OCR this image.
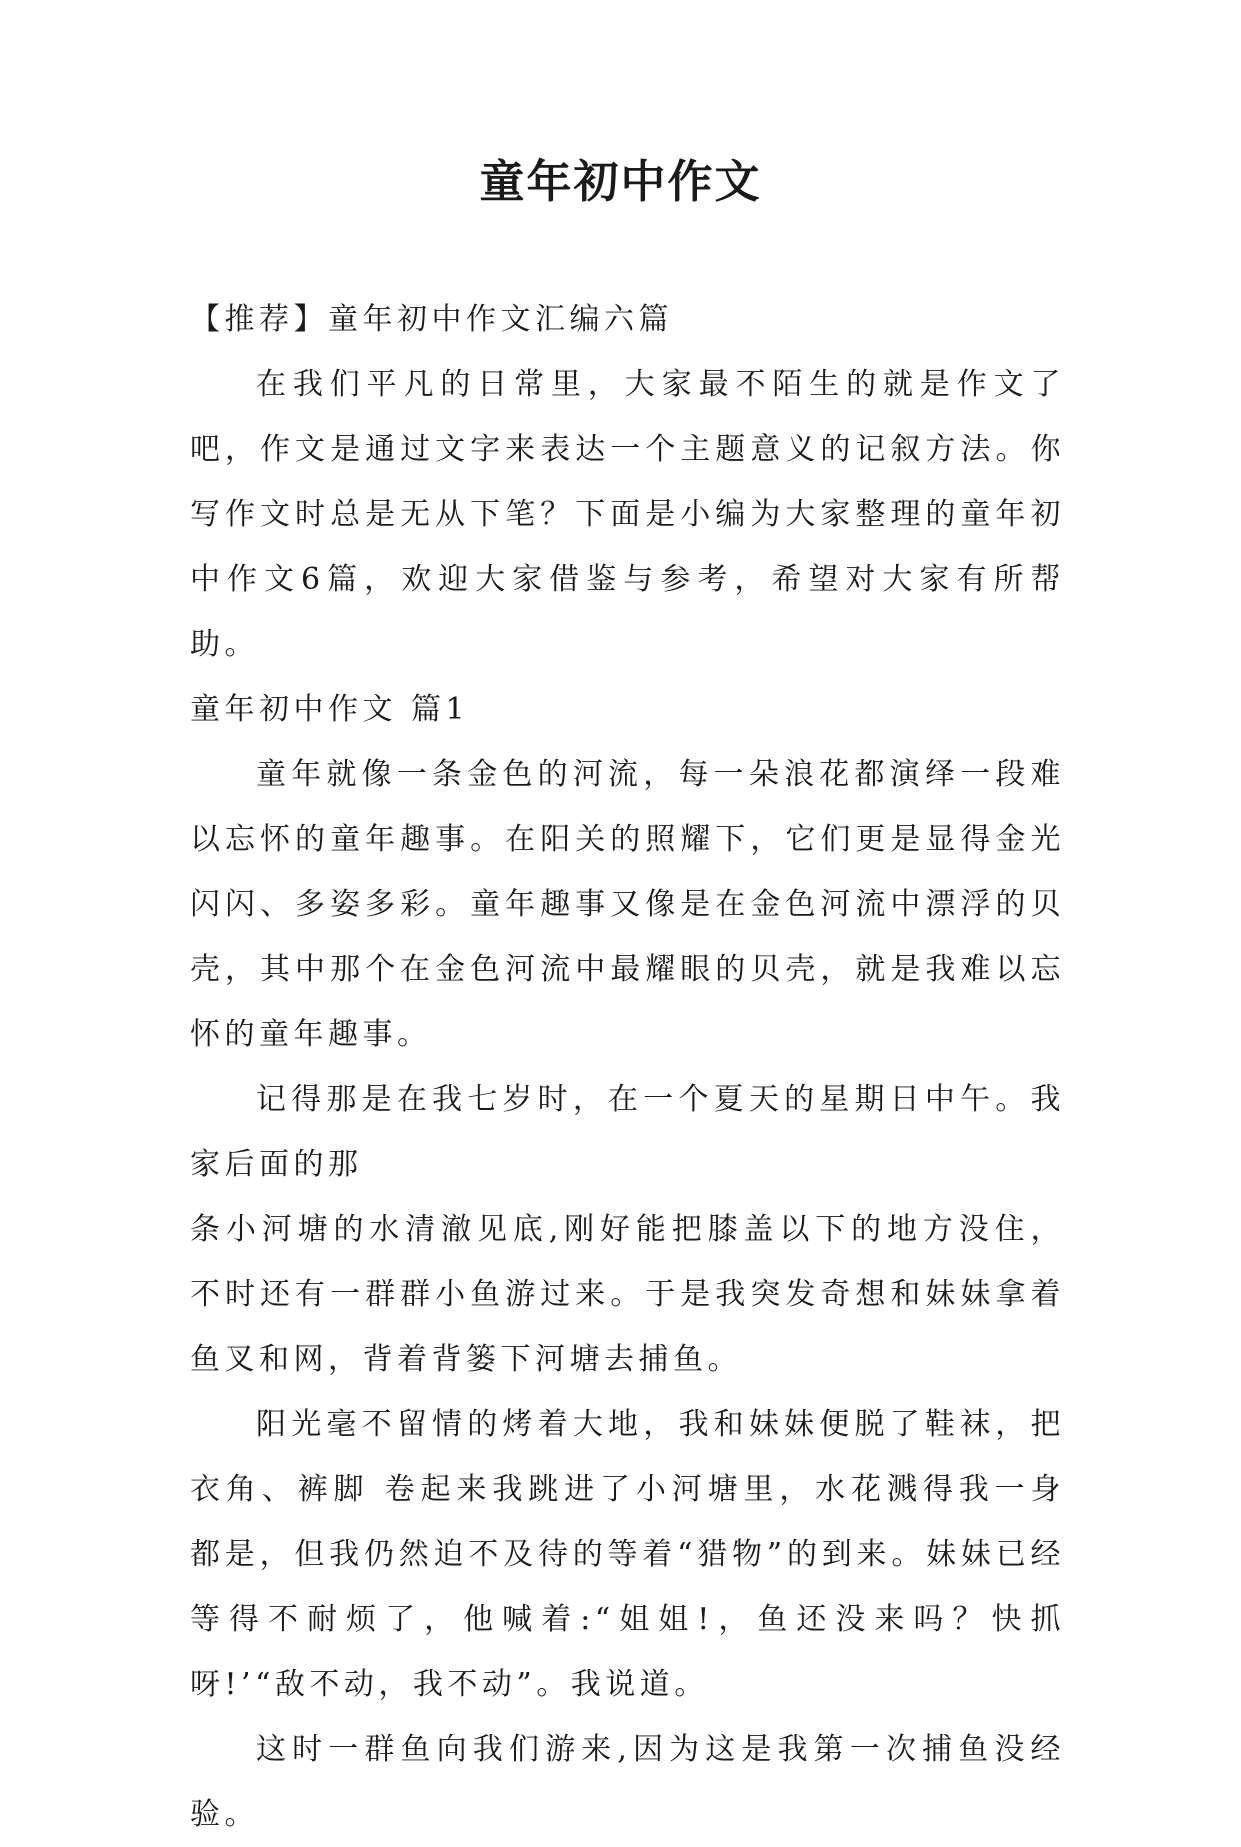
童年初中作文

【推荐】童年初中作文汇编六篇

在我们平凡的日常里，大家最不陌生的就是作文了吧，作文是通过文字来表达一个主题意义的记叙方法。你写作文时总是无从下笔？下面是小编为大家整理的童年初中作文6篇，欢迎大家借鉴与参考，希望对大家有所帮助。

童年初中作文 篇1

童年就像一条金色的河流，每一朵浪花都演绎一段难以忘怀的童年趣事。在阳关的照耀下，它们更是显得金光闪闪、多姿多彩。童年趣事又像是在金色河流中漂浮的贝壳，其中那个在金色河流中最耀眼的贝壳，就是我难以忘怀的童年趣事。

记得那是在我七岁时，在一个夏天的星期日中午。我家后面的那

条小河塘的水清澈见底,刚好能把膝盖以下的地方没住，不时还有一群群小鱼游过来。于是我突发奇想和妹妹拿着鱼叉和网，背着背篓下河塘去捕鱼。

阳光毫不留情的烤着大地，我和妹妹便脱了鞋袜，把衣角、裤脚 卷起来我跳进了小河塘里，水花溅得我一身都是，但我仍然迫不及待的等着“猎物”的到来。妹妹已经等得不耐烦了，他喊着:“姐姐!，鱼还没来吗？快抓呀!’“敌不动，我不动”。我说道。

这时一群鱼向我们游来,因为这是我第一次捕鱼没经验。
